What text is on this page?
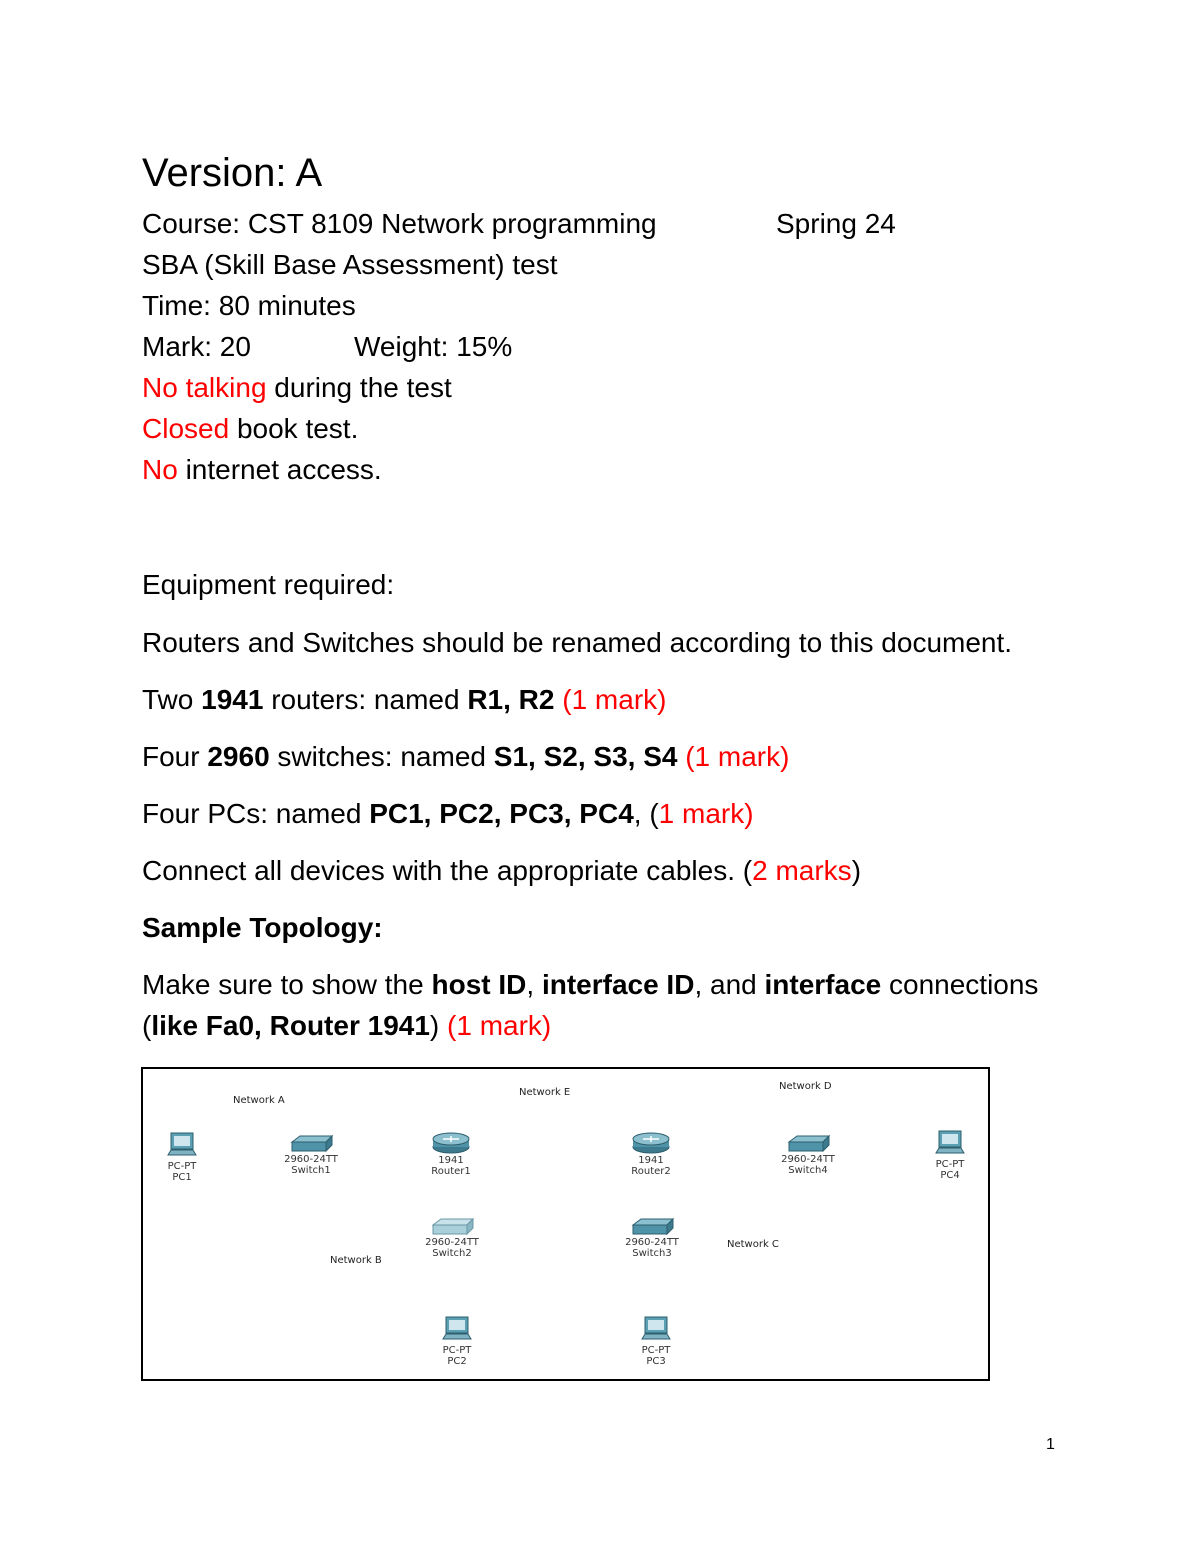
Version: A
Course: CST 8109 Network programming	Spring 24
SBA (Skill Base Assessment) test
Time: 80 minutes
Mark: 20	Weight: 15%
No talking during the test
Closed book test.
No internet access.
Equipment required:
Routers and Switches should be renamed according to this document.
Two 1941 routers: named R1, R2 (1 mark)
Four 2960 switches: named S1, S2, S3, S4 (1 mark)
Four PCs: named PC1, PC2, PC3, PC4, (1 mark)
Connect all devices with the appropriate cables. (2 marks)
Sample Topology:
Make sure to show the host ID, interface ID, and interface connections
(like Fa0, Router 1941) (1 mark)
Network A
Network E
Network D
Network B
Network C
PC-PT
PC1
2960-24TT
Switch1
1941
Router1
1941
Router2
2960-24TT
Switch4
PC-PT
PC4
2960-24TT
Switch2
2960-24TT
Switch3
PC-PT
PC2
PC-PT
PC3
1
